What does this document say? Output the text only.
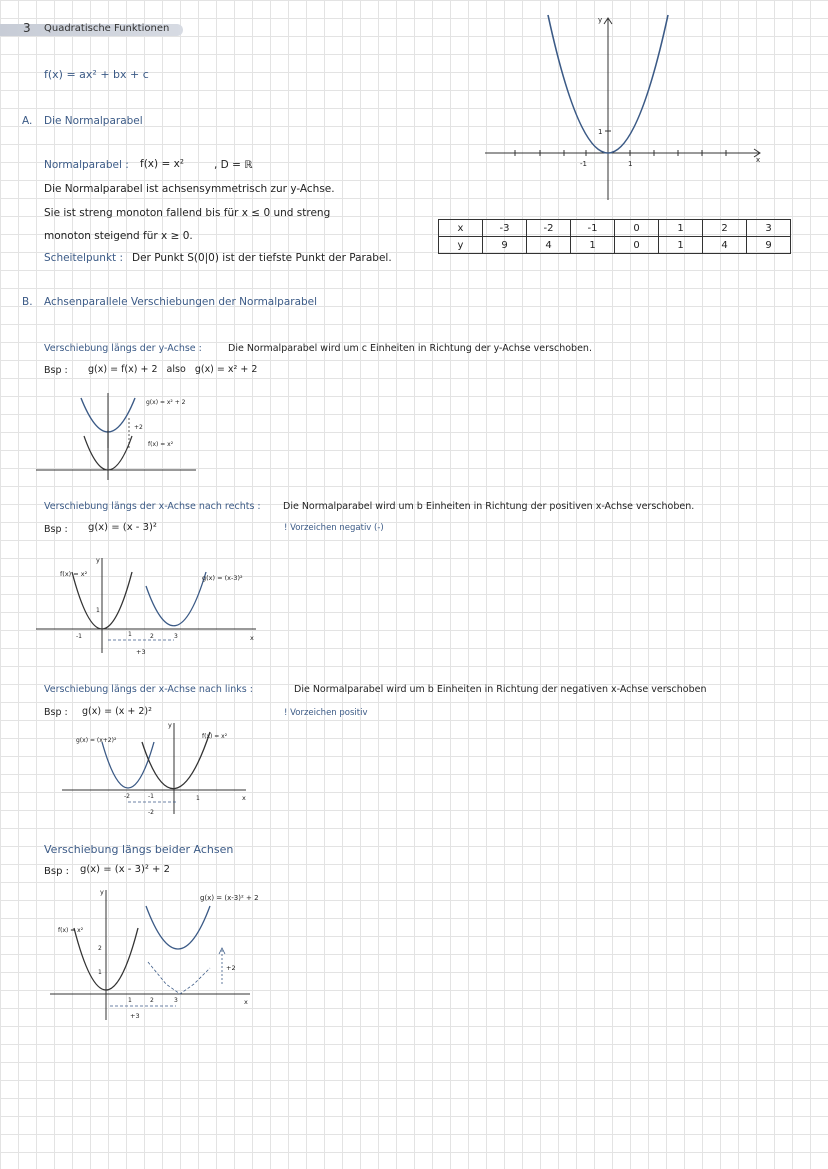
3 Quadratische Funktionen
f(x) = ax² + bx + c
A. Die Normalparabel
Normalparabel : f(x) = x²	, D = ℝ
Die Normalparabel ist achsensymmetrisch zur y-Achse.
Sie ist streng monoton fallend bis für x ≤ 0 und streng
monoton steigend für x ≥ 0.
Scheitelpunkt : Der Punkt S(0|0) ist der tiefste Punkt der Parabel.
x	-3	-2	-1	0	1	2	3
y	9	4	1	0	1	4	9
y
x
1
-1	1
B. Achsenparallele Verschiebungen der Normalparabel
Verschiebung längs der y-Achse :	Die Normalparabel wird um c Einheiten in Richtung der y-Achse verschoben.
Bsp : g(x) = f(x) + 2   also   g(x) = x² + 2
g(x) = x² + 2
f(x) = x²
+2
Verschiebung längs der x-Achse nach rechts : Die Normalparabel wird um b Einheiten in Richtung der positiven x-Achse verschoben.
! Vorzeichen negativ (-)
Bsp : g(x) = (x - 3)²
f(x) = x²	g(x) = (x-3)²
+3
y
x
-1	1	2	3
1
Verschiebung längs der x-Achse nach links :	Die Normalparabel wird um b Einheiten in Richtung der negativen x-Achse verschoben
! Vorzeichen positiv
Bsp : g(x) = (x + 2)²
g(x) = (x+2)²
f(x) = x²
-2
y
x
-2	-1	1
Verschiebung längs beider Achsen
Bsp : g(x) = (x - 3)² + 2
f(x) = x²
g(x) = (x-3)² + 2
+3
+2
y
x
1	2	3
1
2
